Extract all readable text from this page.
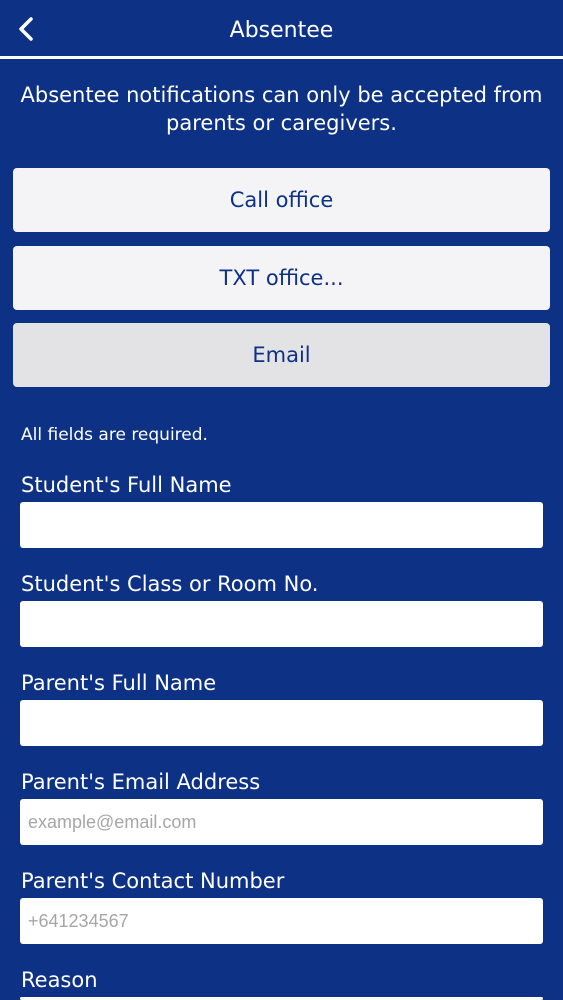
Absentee
Absentee notifications can only be accepted from parents or caregivers.
Call office
TXT office...
Email
All fields are required.
Student's Full Name
Student's Class or Room No.
Parent's Full Name
Parent's Email Address
example@email.com
Parent's Contact Number
+641234567
Reason
